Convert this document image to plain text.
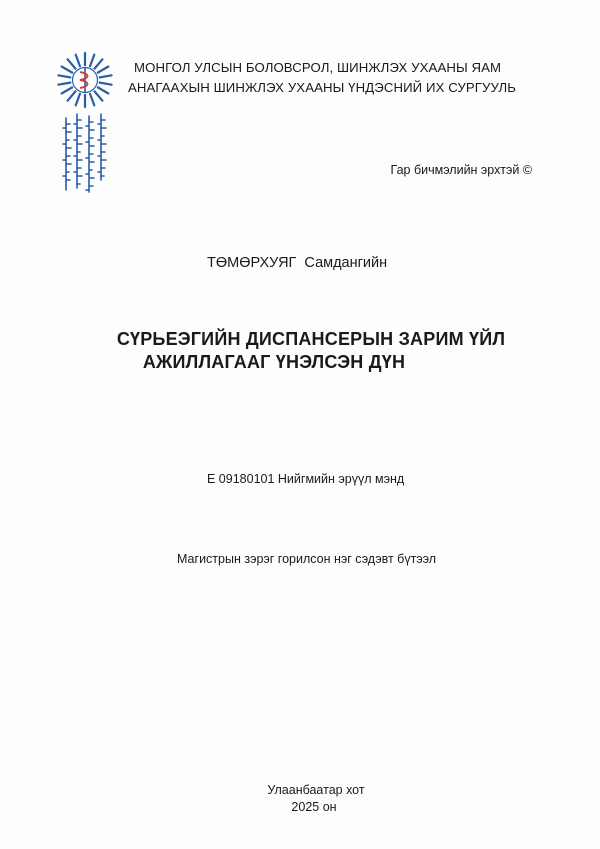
МОНГОЛ УЛСЫН БОЛОВСРОЛ, ШИНЖЛЭХ УХААНЫ ЯАМ
АНАГААХЫН ШИНЖЛЭХ УХААНЫ ҮНДЭСНИЙ ИХ СУРГУУЛЬ
Гар бичмэлийн эрхтэй ©
ТӨМӨРХУЯГ Самдангийн
СҮРЬЕЭГИЙН ДИСПАНСЕРЫН ЗАРИМ ҮЙЛ
АЖИЛЛАГААГ ҮНЭЛСЭН ДҮН
Е 09180101 Нийгмийн эрүүл мэнд
Магистрын зэрэг горилсон нэг сэдэвт бүтээл
Улаанбаатар хот
2025 он
